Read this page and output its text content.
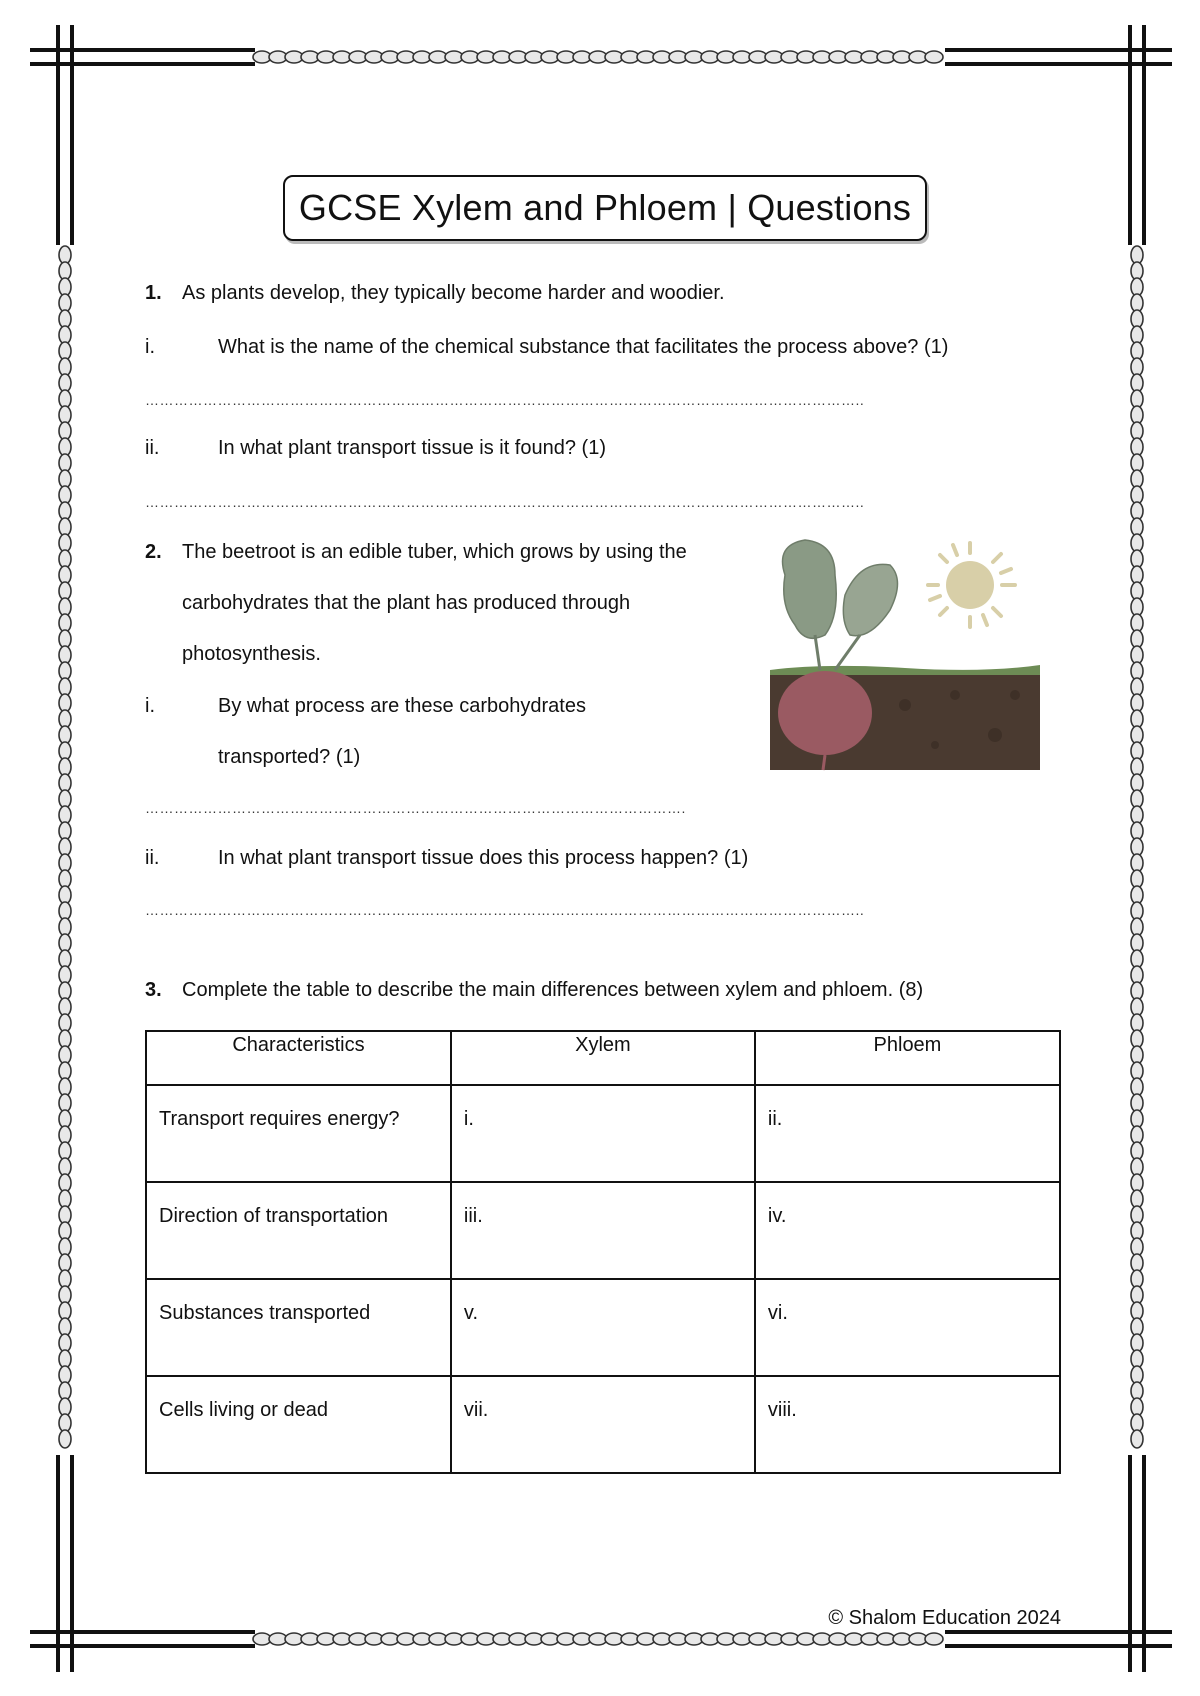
GCSE Xylem and Phloem | Questions
1. As plants develop, they typically become harder and woodier.
i.	What is the name of the chemical substance that facilitates the process above? (1)
…………………………………………………………………………………………………………………………………..
ii.	In what plant transport tissue is it found? (1)
…………………………………………………………………………………………………………………………………..
2. The beetroot is an edible tuber, which grows by using the
carbohydrates that the plant has produced through
photosynthesis.
i.	By what process are these carbohydrates
transported? (1)
………………………………………………………………………………………………….
ii.	In what plant transport tissue does this process happen? (1)
…………………………………………………………………………………………………………………………………..
3. Complete the table to describe the main differences between xylem and phloem. (8)
Characteristics	Xylem	Phloem
Transport requires energy?	i.	ii.
Direction of transportation	iii.	iv.
Substances transported	v.	vi.
Cells living or dead	vii.	viii.
© Shalom Education 2024
